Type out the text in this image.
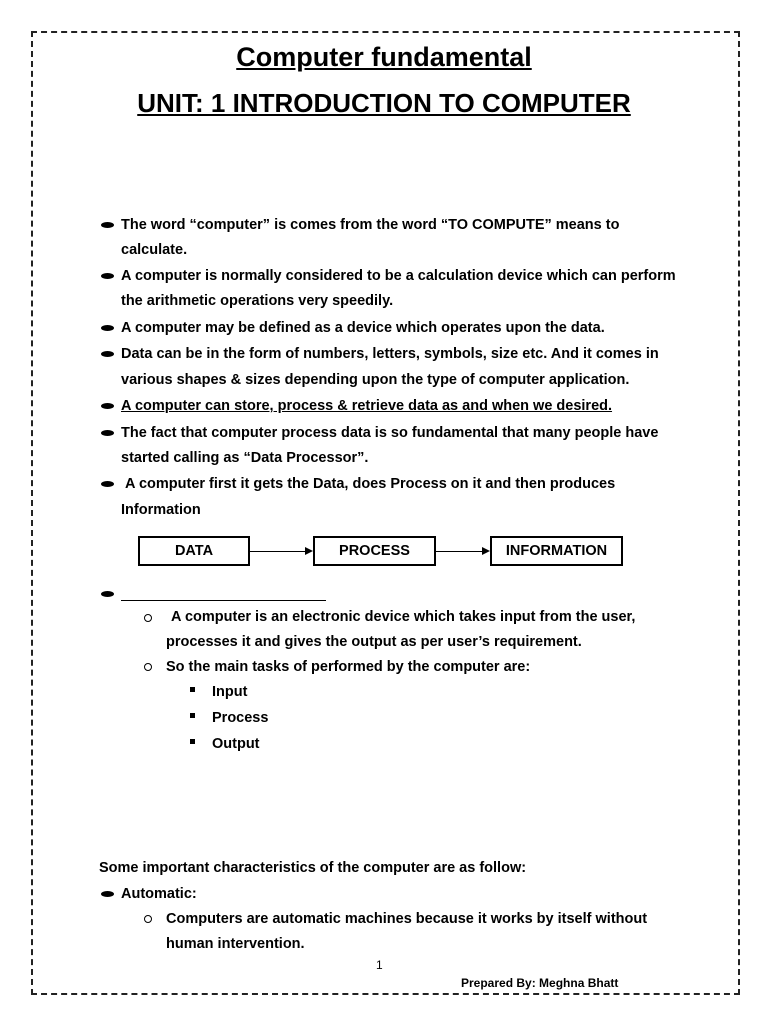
Computer fundamental
UNIT: 1 INTRODUCTION TO COMPUTER
The word “computer” is comes from the word “TO COMPUTE” means to
calculate.
A computer is normally considered to be a calculation device which can perform
the arithmetic operations very speedily.
A computer may be defined as a device which operates upon the data.
Data can be in the form of numbers, letters, symbols, size etc. And it comes in
various shapes & sizes depending upon the type of computer application.
A computer can store, process & retrieve data as and when we desired.
The fact that computer process data is so fundamental that many people have
started calling as “Data Processor”.
A computer first it gets the Data, does Process on it and then produces
Information
DATA	PROCESS	INFORMATION
A computer is an electronic device which takes input from the user,
processes it and gives the output as per user’s requirement.
So the main tasks of performed by the computer are:
Input
Process
Output
Some important characteristics of the computer are as follow:
Automatic:
Computers are automatic machines because it works by itself without
human intervention.
1
Prepared By: Meghna Bhatt
